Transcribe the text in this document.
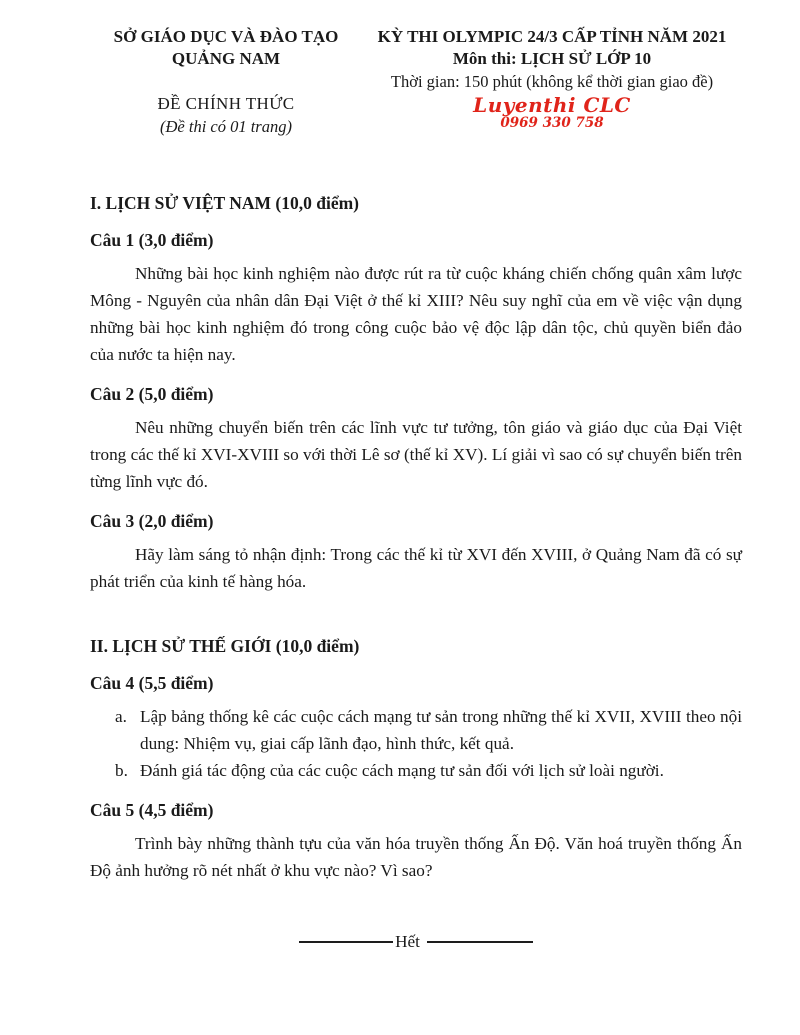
SỞ GIÁO DỤC VÀ ĐÀO TẠO
QUẢNG NAM
ĐỀ CHÍNH THỨC
(Đề thi có 01 trang)
KỲ THI OLYMPIC 24/3 CẤP TỈNH NĂM 2021
Môn thi: LỊCH SỬ LỚP 10
Thời gian: 150 phút (không kể thời gian giao đề)
Luyenthi CLC
0969 330 758

I. LỊCH SỬ VIỆT NAM (10,0 điểm)

Câu 1 (3,0 điểm)

Những bài học kinh nghiệm nào được rút ra từ cuộc kháng chiến chống quân xâm lược Mông - Nguyên của nhân dân Đại Việt ở thế kỉ XIII? Nêu suy nghĩ của em về việc vận dụng những bài học kinh nghiệm đó trong công cuộc bảo vệ độc lập dân tộc, chủ quyền biển đảo của nước ta hiện nay.

Câu 2 (5,0 điểm)

Nêu những chuyển biến trên các lĩnh vực tư tưởng, tôn giáo và giáo dục của Đại Việt trong các thế kỉ XVI-XVIII so với thời Lê sơ (thế kỉ XV). Lí giải vì sao có sự chuyển biến trên từng lĩnh vực đó.

Câu 3 (2,0 điểm)

Hãy làm sáng tỏ nhận định: Trong các thế kỉ từ XVI đến XVIII, ở Quảng Nam đã có sự phát triển của kinh tế hàng hóa.

II. LỊCH SỬ THẾ GIỚI (10,0 điểm)

Câu 4 (5,5 điểm)

a. Lập bảng thống kê các cuộc cách mạng tư sản trong những thế kỉ XVII, XVIII theo nội dung: Nhiệm vụ, giai cấp lãnh đạo, hình thức, kết quả.
b. Đánh giá tác động của các cuộc cách mạng tư sản đối với lịch sử loài người.

Câu 5 (4,5 điểm)

Trình bày những thành tựu của văn hóa truyền thống Ấn Độ. Văn hoá truyền thống Ấn Độ ảnh hưởng rõ nét nhất ở khu vực nào? Vì sao?

Hết
